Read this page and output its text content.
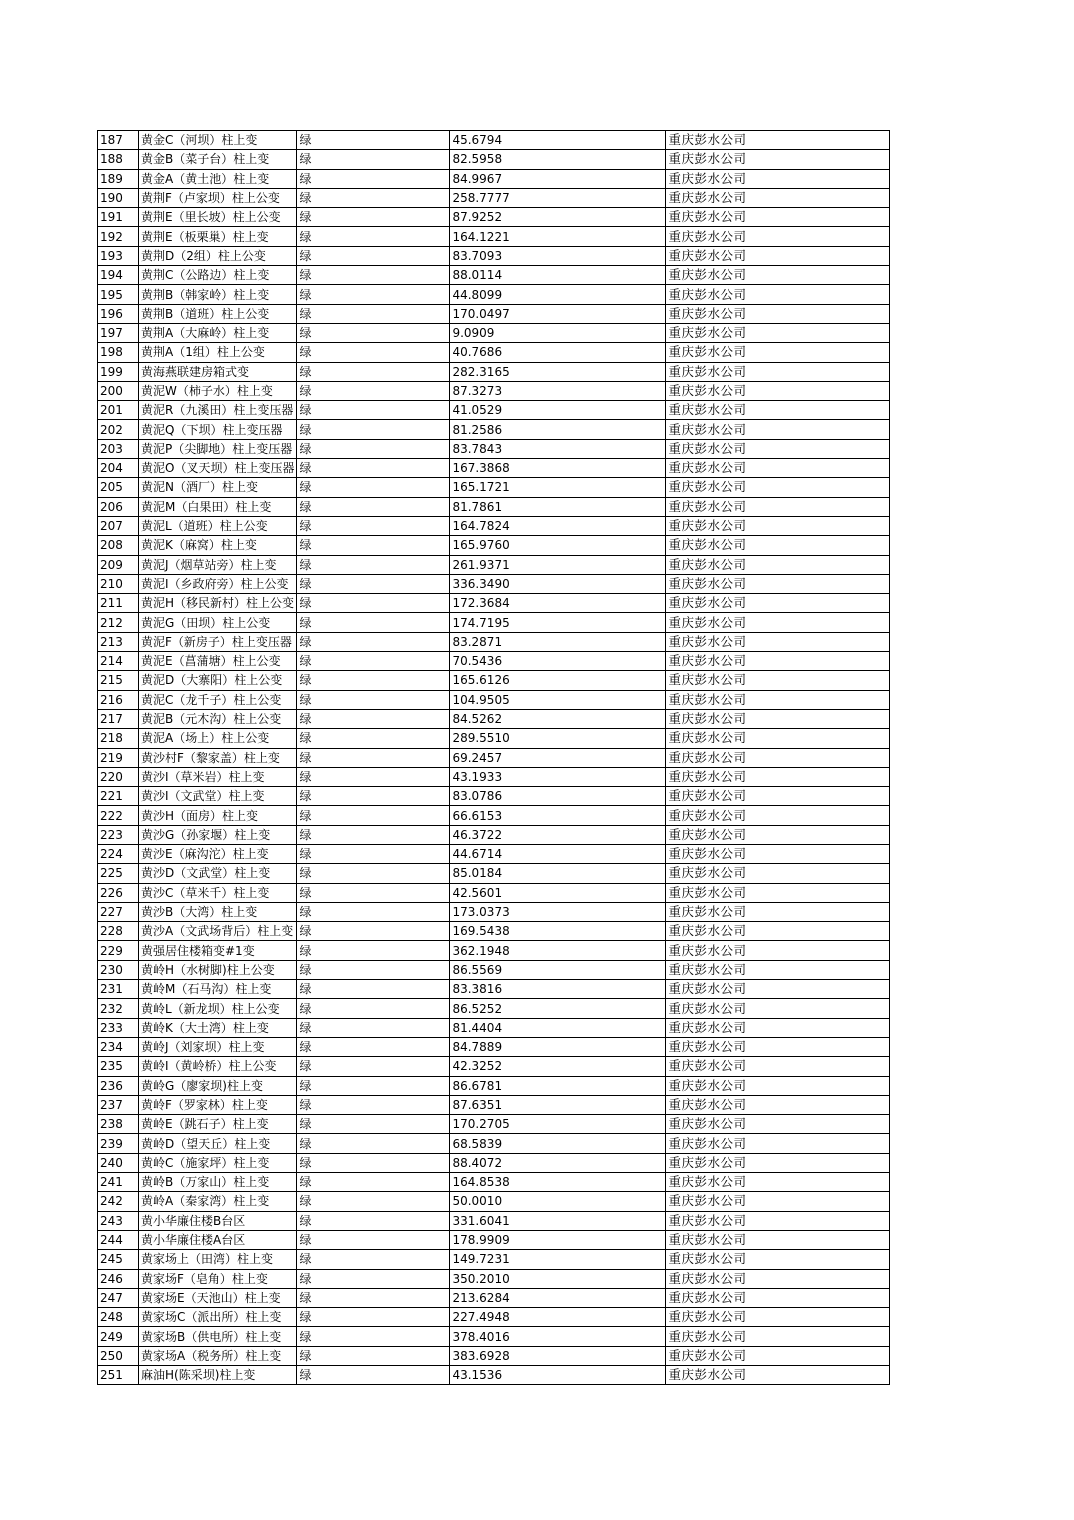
187	黄金C（河坝）柱上变	绿	45.6794	重庆彭水公司
188	黄金B（菜子台）柱上变	绿	82.5958	重庆彭水公司
189	黄金A（黄土池）柱上变	绿	84.9967	重庆彭水公司
190	黄荆F（卢家坝）柱上公变	绿	258.7777	重庆彭水公司
191	黄荆E（里长坡）柱上公变	绿	87.9252	重庆彭水公司
192	黄荆E（板栗巢）柱上变	绿	164.1221	重庆彭水公司
193	黄荆D（2组）柱上公变	绿	83.7093	重庆彭水公司
194	黄荆C（公路边）柱上变	绿	88.0114	重庆彭水公司
195	黄荆B（韩家岭）柱上变	绿	44.8099	重庆彭水公司
196	黄荆B（道班）柱上公变	绿	170.0497	重庆彭水公司
197	黄荆A（大麻岭）柱上变	绿	9.0909	重庆彭水公司
198	黄荆A（1组）柱上公变	绿	40.7686	重庆彭水公司
199	黄海燕联建房箱式变	绿	282.3165	重庆彭水公司
200	黄泥W（柿子水）柱上变	绿	87.3273	重庆彭水公司
201	黄泥R（九溪田）柱上变压器	绿	41.0529	重庆彭水公司
202	黄泥Q（下坝）柱上变压器	绿	81.2586	重庆彭水公司
203	黄泥P（尖脚地）柱上变压器	绿	83.7843	重庆彭水公司
204	黄泥O（叉天坝）柱上变压器	绿	167.3868	重庆彭水公司
205	黄泥N（酒厂）柱上变	绿	165.1721	重庆彭水公司
206	黄泥M（白果田）柱上变	绿	81.7861	重庆彭水公司
207	黄泥L（道班）柱上公变	绿	164.7824	重庆彭水公司
208	黄泥K（麻窝）柱上变	绿	165.9760	重庆彭水公司
209	黄泥J（烟草站旁）柱上变	绿	261.9371	重庆彭水公司
210	黄泥I（乡政府旁）柱上公变	绿	336.3490	重庆彭水公司
211	黄泥H（移民新村）柱上公变	绿	172.3684	重庆彭水公司
212	黄泥G（田坝）柱上公变	绿	174.7195	重庆彭水公司
213	黄泥F（新房子）柱上变压器	绿	83.2871	重庆彭水公司
214	黄泥E（菖蒲塘）柱上公变	绿	70.5436	重庆彭水公司
215	黄泥D（大寨阳）柱上公变	绿	165.6126	重庆彭水公司
216	黄泥C（龙千子）柱上公变	绿	104.9505	重庆彭水公司
217	黄泥B（元木沟）柱上公变	绿	84.5262	重庆彭水公司
218	黄泥A（场上）柱上公变	绿	289.5510	重庆彭水公司
219	黄沙村F（黎家盖）柱上变	绿	69.2457	重庆彭水公司
220	黄沙I（草米岩）柱上变	绿	43.1933	重庆彭水公司
221	黄沙I（文武堂）柱上变	绿	83.0786	重庆彭水公司
222	黄沙H（面房）柱上变	绿	66.6153	重庆彭水公司
223	黄沙G（孙家堰）柱上变	绿	46.3722	重庆彭水公司
224	黄沙E（麻沟沱）柱上变	绿	44.6714	重庆彭水公司
225	黄沙D（文武堂）柱上变	绿	85.0184	重庆彭水公司
226	黄沙C（草米千）柱上变	绿	42.5601	重庆彭水公司
227	黄沙B（大湾）柱上变	绿	173.0373	重庆彭水公司
228	黄沙A（文武场背后）柱上变	绿	169.5438	重庆彭水公司
229	黄强居住楼箱变#1变	绿	362.1948	重庆彭水公司
230	黄岭H（水树脚)柱上公变	绿	86.5569	重庆彭水公司
231	黄岭M（石马沟）柱上变	绿	83.3816	重庆彭水公司
232	黄岭L（新龙坝）柱上公变	绿	86.5252	重庆彭水公司
233	黄岭K（大土湾）柱上变	绿	81.4404	重庆彭水公司
234	黄岭J（刘家坝）柱上变	绿	84.7889	重庆彭水公司
235	黄岭I（黄岭桥）柱上公变	绿	42.3252	重庆彭水公司
236	黄岭G（廖家坝)柱上变	绿	86.6781	重庆彭水公司
237	黄岭F（罗家林）柱上变	绿	87.6351	重庆彭水公司
238	黄岭E（跳石子）柱上变	绿	170.2705	重庆彭水公司
239	黄岭D（望天丘）柱上变	绿	68.5839	重庆彭水公司
240	黄岭C（施家坪）柱上变	绿	88.4072	重庆彭水公司
241	黄岭B（万家山）柱上变	绿	164.8538	重庆彭水公司
242	黄岭A（秦家湾）柱上变	绿	50.0010	重庆彭水公司
243	黄小华廉住楼B台区	绿	331.6041	重庆彭水公司
244	黄小华廉住楼A台区	绿	178.9909	重庆彭水公司
245	黄家场上（田湾）柱上变	绿	149.7231	重庆彭水公司
246	黄家场F（皂角）柱上变	绿	350.2010	重庆彭水公司
247	黄家场E（天池山）柱上变	绿	213.6284	重庆彭水公司
248	黄家场C（派出所）柱上变	绿	227.4948	重庆彭水公司
249	黄家场B（供电所）柱上变	绿	378.4016	重庆彭水公司
250	黄家场A（税务所）柱上变	绿	383.6928	重庆彭水公司
251	麻油H(陈采坝)柱上变	绿	43.1536	重庆彭水公司
